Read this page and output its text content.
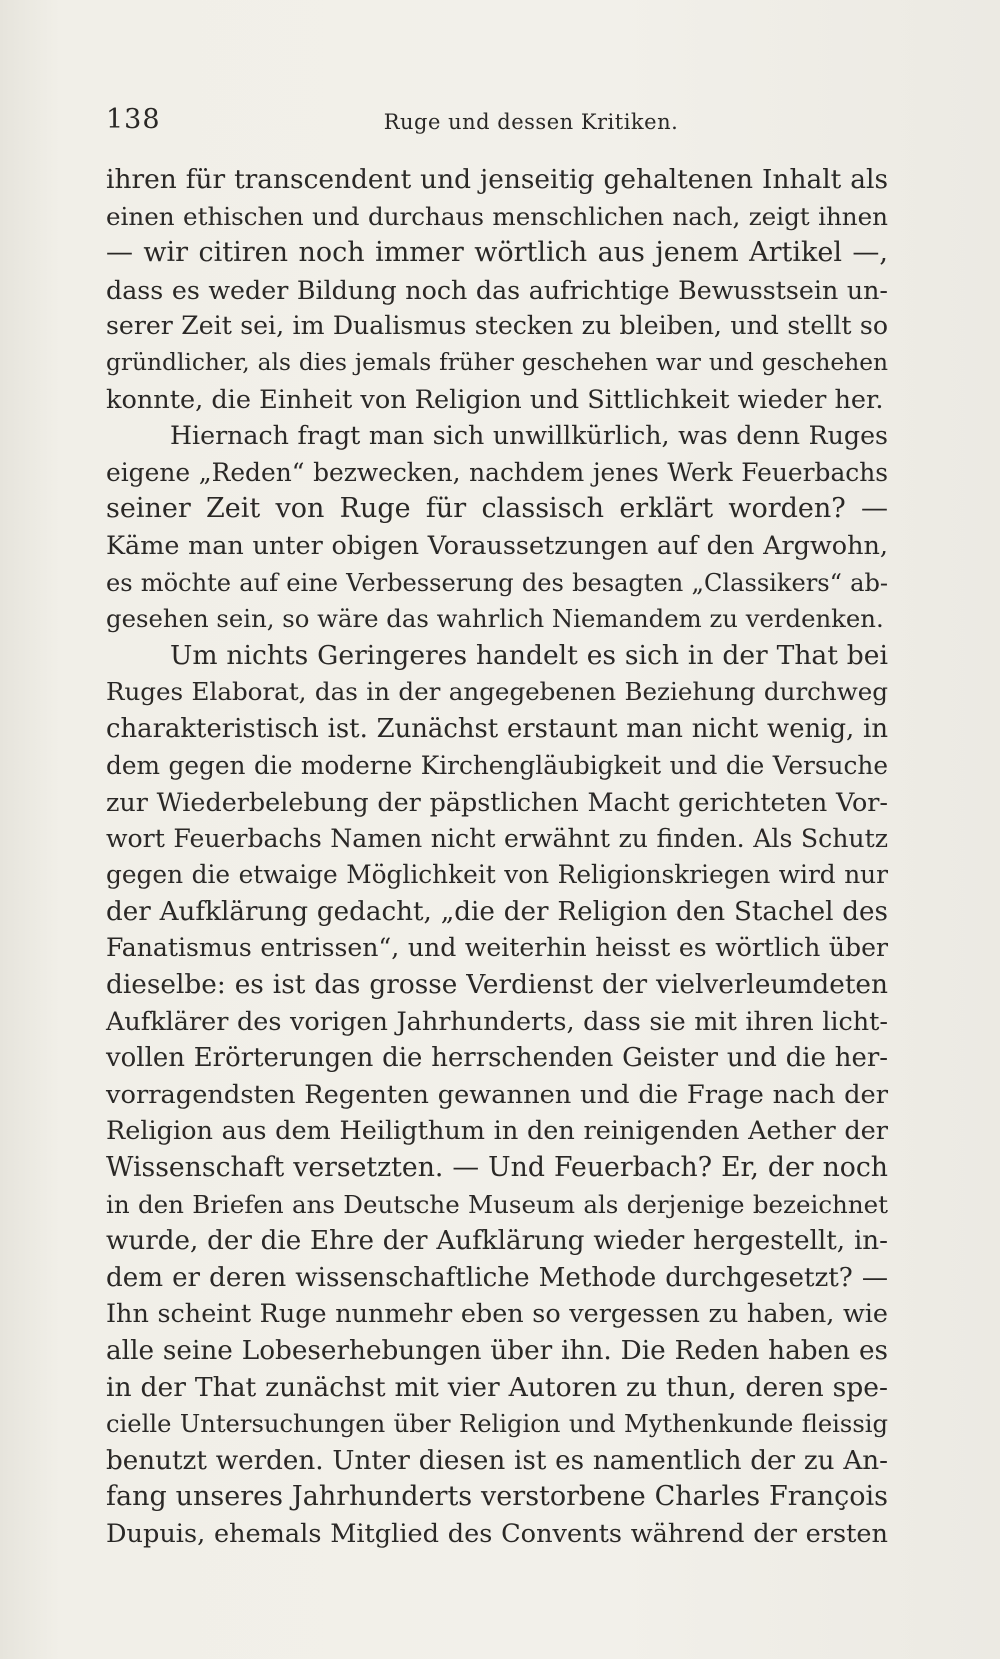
138	Ruge und dessen Kritiken.
ihren für transcendent und jenseitig gehaltenen Inhalt als
einen ethischen und durchaus menschlichen nach, zeigt ihnen
— wir citiren noch immer wörtlich aus jenem Artikel —,
dass es weder Bildung noch das aufrichtige Bewusstsein un-
serer Zeit sei, im Dualismus stecken zu bleiben, und stellt so
gründlicher, als dies jemals früher geschehen war und geschehen
konnte, die Einheit von Religion und Sittlichkeit wieder her.
Hiernach fragt man sich unwillkürlich, was denn Ruges
eigene „Reden“ bezwecken, nachdem jenes Werk Feuerbachs
seiner Zeit von Ruge für classisch erklärt worden? —
Käme man unter obigen Voraussetzungen auf den Argwohn,
es möchte auf eine Verbesserung des besagten „Classikers“ ab-
gesehen sein, so wäre das wahrlich Niemandem zu verdenken.
Um nichts Geringeres handelt es sich in der That bei
Ruges Elaborat, das in der angegebenen Beziehung durchweg
charakteristisch ist. Zunächst erstaunt man nicht wenig, in
dem gegen die moderne Kirchengläubigkeit und die Versuche
zur Wiederbelebung der päpstlichen Macht gerichteten Vor-
wort Feuerbachs Namen nicht erwähnt zu finden. Als Schutz
gegen die etwaige Möglichkeit von Religionskriegen wird nur
der Aufklärung gedacht, „die der Religion den Stachel des
Fanatismus entrissen“, und weiterhin heisst es wörtlich über
dieselbe: es ist das grosse Verdienst der vielverleumdeten
Aufklärer des vorigen Jahrhunderts, dass sie mit ihren licht-
vollen Erörterungen die herrschenden Geister und die her-
vorragendsten Regenten gewannen und die Frage nach der
Religion aus dem Heiligthum in den reinigenden Aether der
Wissenschaft versetzten. — Und Feuerbach? Er, der noch
in den Briefen ans Deutsche Museum als derjenige bezeichnet
wurde, der die Ehre der Aufklärung wieder hergestellt, in-
dem er deren wissenschaftliche Methode durchgesetzt? —
Ihn scheint Ruge nunmehr eben so vergessen zu haben, wie
alle seine Lobeserhebungen über ihn. Die Reden haben es
in der That zunächst mit vier Autoren zu thun, deren spe-
cielle Untersuchungen über Religion und Mythenkunde fleissig
benutzt werden. Unter diesen ist es namentlich der zu An-
fang unseres Jahrhunderts verstorbene Charles François
Dupuis, ehemals Mitglied des Convents während der ersten
